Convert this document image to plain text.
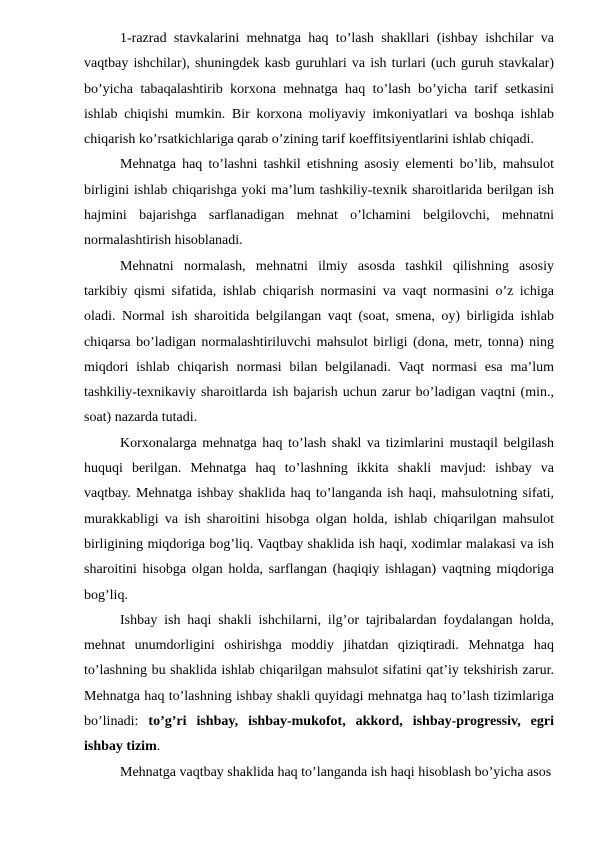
1-razrad stavkalarini mehnatga haq to’lash shakllari (ishbay ishchilar va vaqtbay ishchilar), shuningdek kasb guruhlari va ish turlari (uch guruh stavkalar) bo’yicha tabaqalashtirib korxona mehnatga haq to’lash bo’yicha tarif setkasini ishlab chiqishi mumkin. Bir korxona moliyaviy imkoniyatlari va boshqa ishlab chiqarish ko’rsatkichlariga qarab o’zining tarif koeffitsiyentlarini ishlab chiqadi.

Mehnatga haq to’lashni tashkil etishning asosiy elementi bo’lib, mahsulot birligini ishlab chiqarishga yoki ma’lum tashkiliy-texnik sharoitlarida berilgan ish hajmini bajarishga sarflanadigan mehnat o’lchamini belgilovchi, mehnatni normalashtirish hisoblanadi.

Mehnatni normalash, mehnatni ilmiy asosda tashkil qilishning asosiy tarkibiy qismi sifatida, ishlab chiqarish normasini va vaqt normasini o’z ichiga oladi. Normal ish sharoitida belgilangan vaqt (soat, smena, oy) birligida ishlab chiqarsa bo’ladigan normalashtiriluvchi mahsulot birligi (dona, metr, tonna) ning miqdori ishlab chiqarish normasi bilan belgilanadi. Vaqt normasi esa ma’lum tashkiliy-texnikaviy sharoitlarda ish bajarish uchun zarur bo’ladigan vaqtni (min., soat) nazarda tutadi.

Korxonalarga mehnatga haq to’lash shakl va tizimlarini mustaqil belgilash huquqi berilgan. Mehnatga haq to’lashning ikkita shakli mavjud: ishbay va vaqtbay. Mehnatga ishbay shaklida haq to’langanda ish haqi, mahsulotning sifati, murakkabligi va ish sharoitini hisobga olgan holda, ishlab chiqarilgan mahsulot birligining miqdoriga bog’liq. Vaqtbay shaklida ish haqi, xodimlar malakasi va ish sharoitini hisobga olgan holda, sarflangan (haqiqiy ishlagan) vaqtning miqdoriga bog’liq.

Ishbay ish haqi shakli ishchilarni, ilg’or tajribalardan foydalangan holda, mehnat unumdorligini oshirishga moddiy jihatdan qiziqtiradi. Mehnatga haq to’lashning bu shaklida ishlab chiqarilgan mahsulot sifatini qat’iy tekshirish zarur. Mehnatga haq to’lashning ishbay shakli quyidagi mehnatga haq to’lash tizimlariga bo’linadi: to’g’ri ishbay, ishbay-mukofot, akkord, ishbay-progressiv, egri ishbay tizim.

Mehnatga vaqtbay shaklida haq to’langanda ish haqi hisoblash bo’yicha asos
